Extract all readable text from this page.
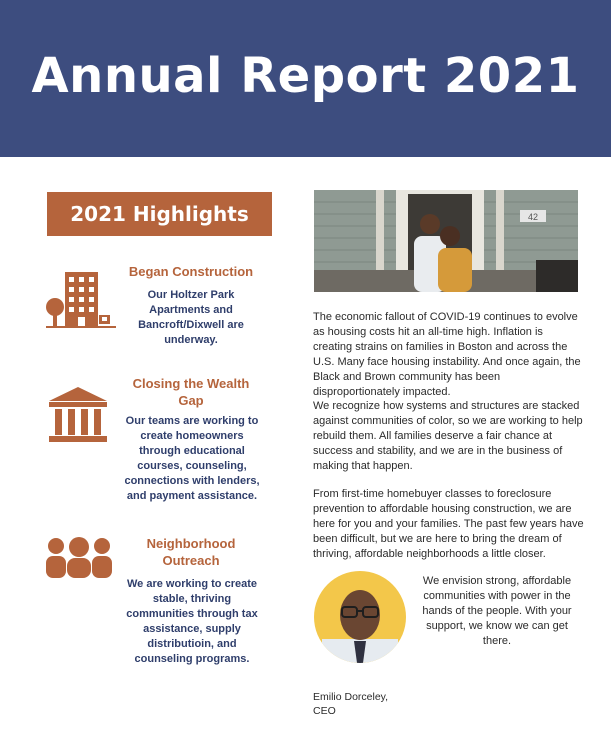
Annual Report 2021
2021 Highlights
Began Construction
Our Holtzer Park Apartments and Bancroft/Dixwell are underway.
Closing the Wealth Gap
Our teams are working to create homeowners through educational courses, counseling, connections with lenders, and payment assistance.
Neighborhood Outreach
We are working to create stable, thriving communities through tax assistance, supply distributioin, and counseling programs.
42

The economic fallout of COVID-19 continues to evolve as housing costs hit an all-time high. Inflation is creating strains on families in Boston and across the U.S. Many face housing instability. And once again, the Black and Brown community has been disproportionately impacted.

We recognize how systems and structures are stacked against communities of color, so we are working to help rebuild them. All families deserve a fair chance at success and stability, and we are in the business of making that happen.

From first-time homebuyer classes to foreclosure prevention to affordable housing construction, we are here for you and your families. The past few years have been difficult, but we are here to bring the dream of thriving, affordable neighborhoods a little closer.

We envision strong, affordable communities with power in the hands of the people. With your support, we know we can get there.

Emilio Dorceley,

CEO
